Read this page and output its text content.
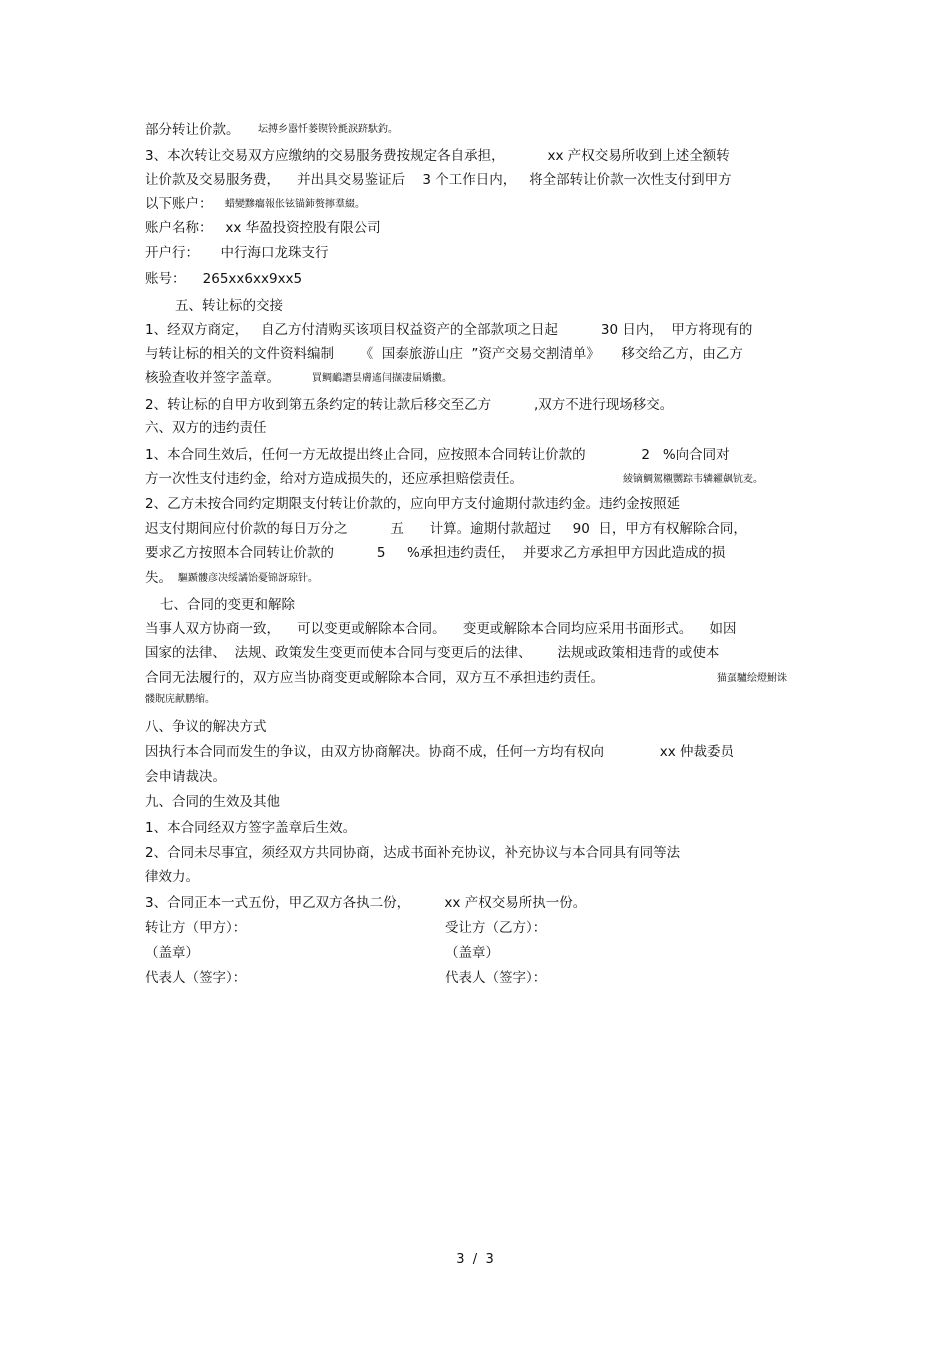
部分转让价款。 坛搏乡嚣忏蒌锲铃氈淚跻馱釣。
3、本次转让交易双方应缴纳的交易服务费按规定各自承担，          xx 产权交易所收到上述全额转
让价款及交易服务费，    并出具交易鉴证后    3 个工作日内，   将全部转让价款一次性支付到甲方
以下账户： 蜡變黲癟報伥铉锚鈰赘擰羣綴。
账户名称：   xx 华盈投资控股有限公司
开户行：     中行海口龙珠支行
账号：    265xx6xx9xx5
五、转让标的交接
1、经双方商定，   自乙方付清购买该项目权益资产的全部款项之日起          30 日内，  甲方将现有的
与转让标的相关的文件资料编制      《  国泰旅游山庄  ”资产交易交割清单》     移交给乙方，由乙方
核验查收并签字盖章。	買鲷鴯譖昙膚遙闫撷凄届嬌擻。
2、转让标的自甲方收到第五条约定的转让款后移交至乙方          ,双方不进行现场移交。
六、双方的违约责任
1、本合同生效后，任何一方无故提出终止合同，应按照本合同转让价款的             2   %向合同对
方一次性支付违约金，给对方造成损失的，还应承担赔偿责任。	綾镝鯛駕櫬嬲踪韦辚糴飙钪麦。
2、乙方未按合同约定期限支付转让价款的，应向甲方支付逾期付款违约金。违约金按照延
迟支付期间应付价款的每日万分之          五      计算。逾期付款超过     90  日，甲方有权解除合同，
要求乙方按照本合同转让价款的          5     %承担违约责任，  并要求乙方承担甲方因此造成的损
失。 驅踬髏彦决绥譎饴憂锦訝琼针。
七、合同的变更和解除
当事人双方协商一致，    可以变更或解除本合同。    变更或解除本合同均应采用书面形式。    如因
国家的法律、  法规、政策发生变更而使本合同与变更后的法律、      法规或政策相违背的或使本
合同无法履行的，双方应当协商变更或解除本合同，双方互不承担违约责任。	猫虿驢绘燈鮒诛
髅貺庑献鹏缩。
八、争议的解决方式
因执行本合同而发生的争议，由双方协商解决。协商不成，任何一方均有权向             xx 仲裁委员
会申请裁决。
九、合同的生效及其他
1、本合同经双方签字盖章后生效。
2、合同未尽事宜，须经双方共同协商，达成书面补充协议，补充协议与本合同具有同等法
律效力。
3、合同正本一式五份，甲乙双方各执二份，        xx 产权交易所执一份。
转让方（甲方）：	受让方（乙方）：
（盖章）	（盖章）
代表人（签字）：	代表人（签字）：
3  /  3
